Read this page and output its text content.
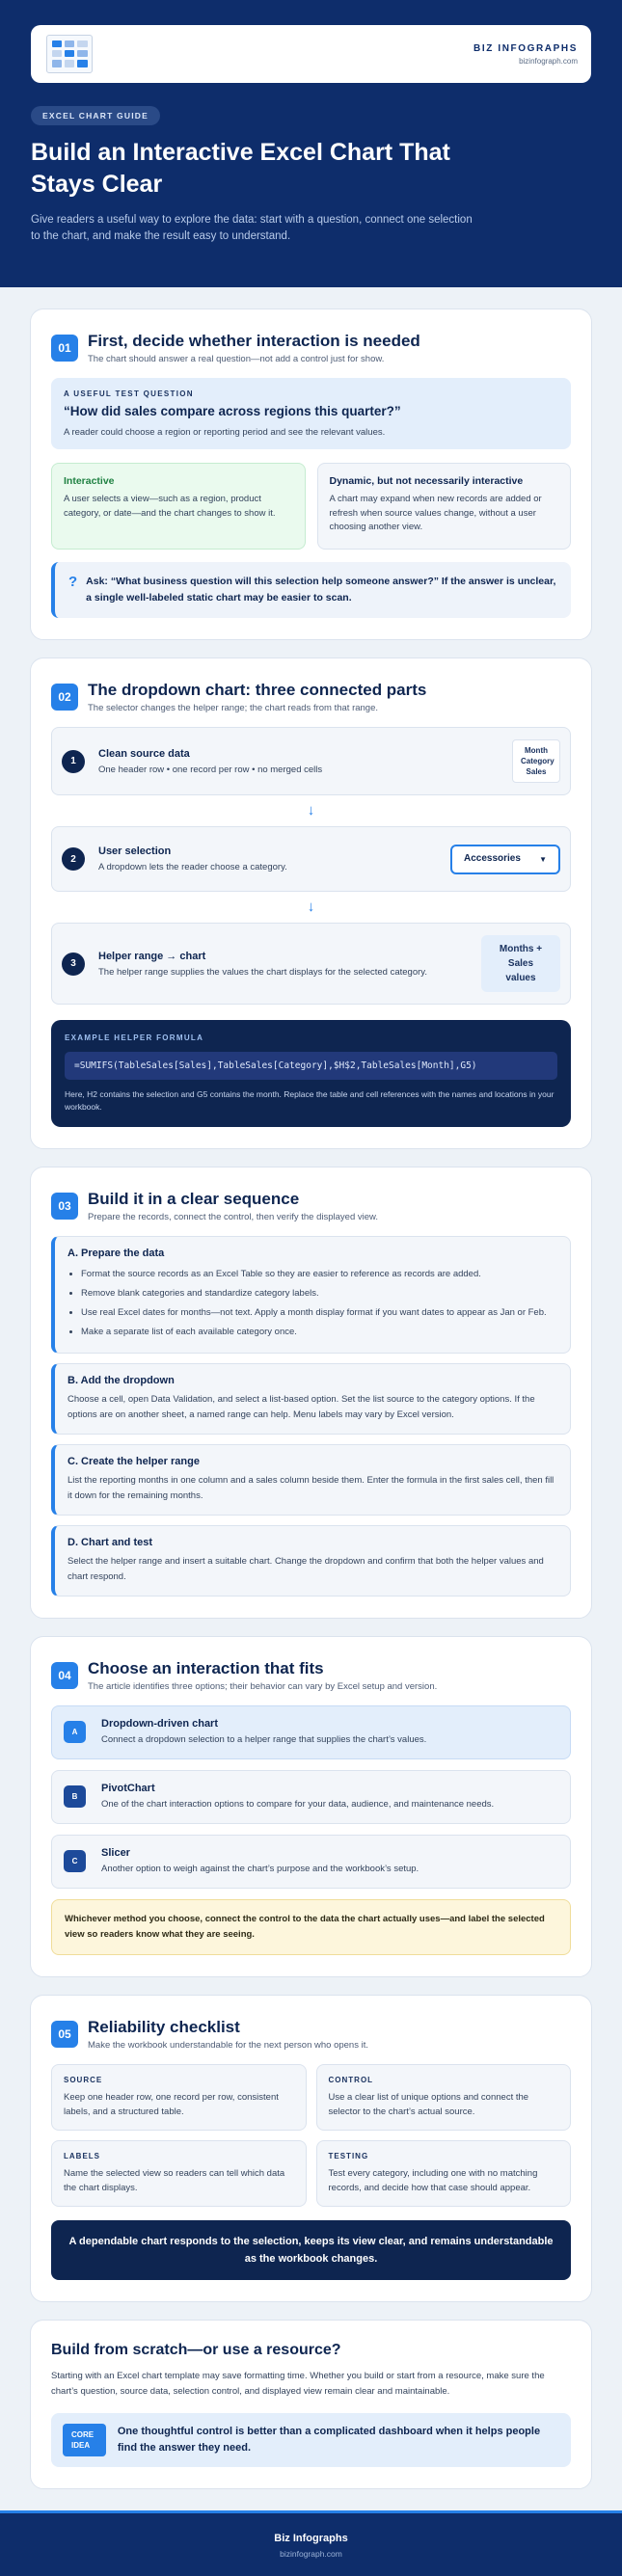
BIZ INFOGRAPHS
bizinfograph.com
EXCEL CHART GUIDE
Build an Interactive Excel Chart That Stays Clear

Give readers a useful way to explore the data: start with a question, connect one selection to the chart, and make the result easy to understand.

01	First, decide whether interaction is needed
The chart should answer a real question—not add a control just for show.
A USEFUL TEST QUESTION
“How did sales compare across regions this quarter?”
A reader could choose a region or reporting period and see the relevant values.
Interactive
A user selects a view—such as a region, product category, or date—and the chart changes to show it.
Dynamic, but not necessarily interactive
A chart may expand when new records are added or refresh when source values change, without a user choosing another view.
? Ask: “What business question will this selection help someone answer?” If the answer is unclear, a single well-labeled static chart may be easier to scan.
02	The dropdown chart: three connected parts
The selector changes the helper range; the chart reads from that range.
1
Clean source data
One header row • one record per row • no merged cells
Month Category Sales
↓
2
User selection
A dropdown lets the reader choose a category.
Accessories ▼
↓
3
Helper range → chart
The helper range supplies the values the chart displays for the selected category.
Months + Sales values
EXAMPLE HELPER FORMULA
=SUMIFS(TableSales[Sales],TableSales[Category],$H$2,TableSales[Month],G5)
Here, H2 contains the selection and G5 contains the month. Replace the table and cell references with the names and locations in your workbook.
03	Build it in a clear sequence
Prepare the records, connect the control, then verify the displayed view.
A. Prepare the data
• Format the source records as an Excel Table so they are easier to reference as records are added.
• Remove blank categories and standardize category labels.
• Use real Excel dates for months—not text. Apply a month display format if you want dates to appear as Jan or Feb.
• Make a separate list of each available category once.
B. Add the dropdown
Choose a cell, open Data Validation, and select a list-based option. Set the list source to the category options. If the options are on another sheet, a named range can help. Menu labels may vary by Excel version.
C. Create the helper range
List the reporting months in one column and a sales column beside them. Enter the formula in the first sales cell, then fill it down for the remaining months.
D. Chart and test
Select the helper range and insert a suitable chart. Change the dropdown and confirm that both the helper values and chart respond.
04	Choose an interaction that fits
The article identifies three options; their behavior can vary by Excel setup and version.
A
Dropdown-driven chart
Connect a dropdown selection to a helper range that supplies the chart’s values.
B
PivotChart
One of the chart interaction options to compare for your data, audience, and maintenance needs.
C
Slicer
Another option to weigh against the chart’s purpose and the workbook’s setup.
Whichever method you choose, connect the control to the data the chart actually uses—and label the selected view so readers know what they are seeing.
05	Reliability checklist
Make the workbook understandable for the next person who opens it.
SOURCE
Keep one header row, one record per row, consistent labels, and a structured table.
CONTROL
Use a clear list of unique options and connect the selector to the chart’s actual source.
LABELS
Name the selected view so readers can tell which data the chart displays.
TESTING
Test every category, including one with no matching records, and decide how that case should appear.
A dependable chart responds to the selection, keeps its view clear, and remains understandable as the workbook changes.
Build from scratch—or use a resource?
Starting with an Excel chart template may save formatting time. Whether you build or start from a resource, make sure the chart’s question, source data, selection control, and displayed view remain clear and maintainable.
CORE IDEA
One thoughtful control is better than a complicated dashboard when it helps people find the answer they need.
Biz Infographs
bizinfograph.com
